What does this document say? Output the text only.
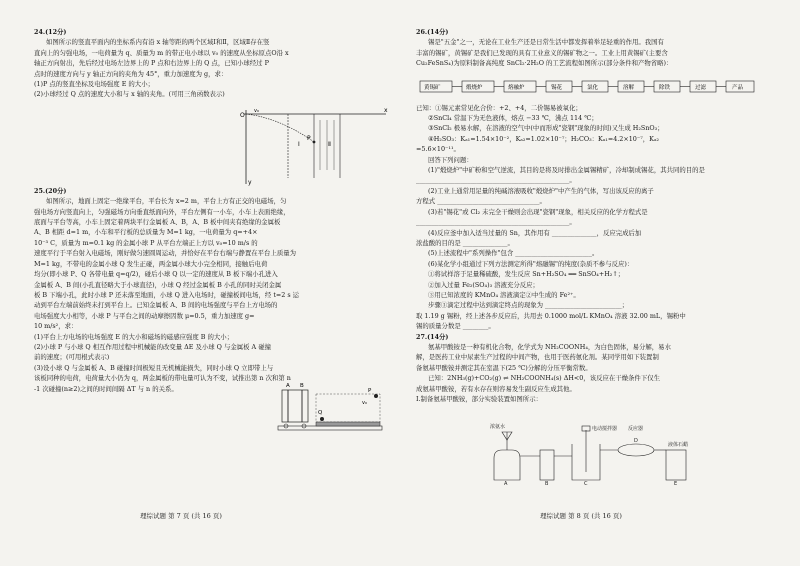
24.(12分)

如图所示的竖直平面内的坐标系内有沿 x 轴等距的两个区域Ⅰ和Ⅱ，区域Ⅱ存在竖

直向上的匀强电场，一电荷量为 q、质量为 m 的带正电小球以 v₀ 的速度从坐标原点O沿 x

轴正方向射出，先后经过电场左边界上的 P 点和右边界上的 Q 点，已知小球经过 P

点时的速度方向与 y 轴正方向的夹角为 45°，重力加速度为 g，求：

(1)P 点的竖直坐标及电场强度 E 的大小；

(2)小球经过 Q 点的速度大小和与 x 轴的夹角。(可用三角函数表示)

25.(20分)

如图所示，地面上固定一绝缘平台，平台长为 x=2 m，平台上方有正交的电磁场，匀

强电场方向竖直向上，匀强磁场方向垂直纸面向外，平台左侧有一小车，小车上表面绝缘，

底面与平台等高，小车上固定着两块平行金属板 A、B，A、B 板中间夹有绝缘的金属板

A、B 相距 d=1 m，小车和平行板的总质量为 M=1 kg，一电荷量为 q=+4×

10⁻³ C，质量为 m=0.1 kg 的金属小球 P 从平台左端正上方以 v₀=10 m/s 的

速度平行于平台射入电磁场，刚好做匀速圆周运动，并恰好在平台右端与静置在平台上质量为

M=1 kg，不带电的金属小球 Q 发生正碰，两金属小球大小完全相同，接触后电荷

均分(即小球 P、Q 各带电量 q=q/2)，碰后小球 Q 以一定的速度从 B 板下端小孔进入

金属板 A、B 间(小孔直径略大于小球直径)，小球 Q 经过金属板 B 小孔的同时关闭金属

板 B 下端小孔，此时小球 P 还未落至地面，小球 Q 进入电场时，碰撞板间电场，经 t=2 s 运

动到平台左端前始终未打到平台上。已知金属板 A、B 间的电场强度与平台上方电场的

电场强度大小相等，小球 P 与平台之间的动摩擦因数 μ=0.5，重力加速度 g=

10 m/s²，求：

(1)平台上方电场的电场强度 E 的大小和磁场的磁感应强度 B 的大小；

(2)小球 P 与小球 Q 相互作用过程中机械能的改变量 ΔE 及小球 Q 与金属板 A 碰撞

前的速度；(可用根式表示)

(3)设小球 Q 与金属板 A、B 碰撞时间极短且无机械能损失，同时小球 Q 立即带上与

该板同种的电荷，电荷量大小仍为 q，两金属板的带电量可认为不变，试推出第 n 次和第 n

-1 次碰撞(n≥2)之间的时间间隔 ΔT 与 n 的关系。

O
v₀	x
y
Ⅰ	Ⅱ
P
A B
P
Q
v₀
理综试题 第 7 页 (共 16 页)

26.(14分)

锡是"五金"之一，无论在工业生产还是日常生活中都发挥着举足轻重的作用。我国有

丰富的锡矿，黄锡矿是我们已发现的具有工业意义的锡矿物之一。工业上用黄锡矿(主要含

Cu₂FeSnS₄)为原料制备高纯度 SnCl₂·2H₂O 的工艺流程如图所示(部分条件和产物省略)：

黄锡矿	煅烧炉	熔融炉	锡花	氯化	溶解	除铁	过滤	产品

已知：①锡元素常见化合价：+2、+4，二价锡易被氧化；

②SnCl₄ 常温下为无色液体，熔点 −33 ℃，沸点 114 ℃；

③SnCl₂ 极易水解，在溶液的空气中(中而形成"瓷钢"现象的时间)又生成 H₂SnO₃；

④H₂SO₃：Kₐ₁=1.54×10⁻²，Kₐ₂=1.02×10⁻⁷；H₂CO₃：Kₐ₁=4.2×10⁻⁷，Kₐ₂

=5.6×10⁻¹¹。

回答下列问题：

(1)"煅烧炉"中矿粉和空气逆流，其目的是将及时排出金属锡精矿，冷却制成锡花，其共同的目的是

________________________________________________。

(2)工业上通常用足量的纯碱溶液吸收"煅烧炉"中产生的气体，写出该反应的离子

方程式 ________________________________。

(3)若"锡花"或 Cl₂ 未完全干燥则会出现"瓷钢"现象，相关反应的化学方程式是

________________________________________________。

(4)反应釜中加入适当过量的 Sn，其作用有 ______________，反应完成后加

浓盐酸的目的是 ______________。

(5)上述流程中"系列操作"包含 ________________________。

(6)某化学小组通过下列方法测定所得"熔融锡"的纯度(杂质不参与反应)：

①将试样溶于足量稀硫酸，发生反应 Sn+H₂SO₄ ══ SnSO₄+H₂↑；

②加入过量 Fe₂(SO₄)₃ 溶液充分反应；

③用已知浓度的 KMnO₄ 溶液滴定②中生成的 Fe²⁺。

步骤③滴定过程中达到滴定终点的现象为 ________________________；

取 1.19 g 锡粉，经上述各步反应后，共用去 0.1000 mol/L KMnO₄ 溶液 32.00 mL，锡粉中

锡的质量分数是 ________。

27.(14分)

氨基甲酸铵是一种有机化合物，化学式为 NH₂COONH₄，为白色固体，易分解，易水

解，是医药工业中尿素生产过程的中间产物，也用于医药氨化剂。某同学用如下装置制

备氨基甲酸铵并测定其在室温下(25 ℃)分解的分压平衡常数。

已知：2NH₃(g)+CO₂(g) ⇌ NH₂COONH₄(s) ΔH<0，该反应在干燥条件下仅生

成氨基甲酸铵，若有水存在则容易发生副反应生成其他。

Ⅰ.制备氨基甲酸铵，部分实验装置如图所示：

浓氨水
A	B	C
D
E
反应器
液体石蜡
电动搅拌器
理综试题 第 8 页 (共 16 页)
